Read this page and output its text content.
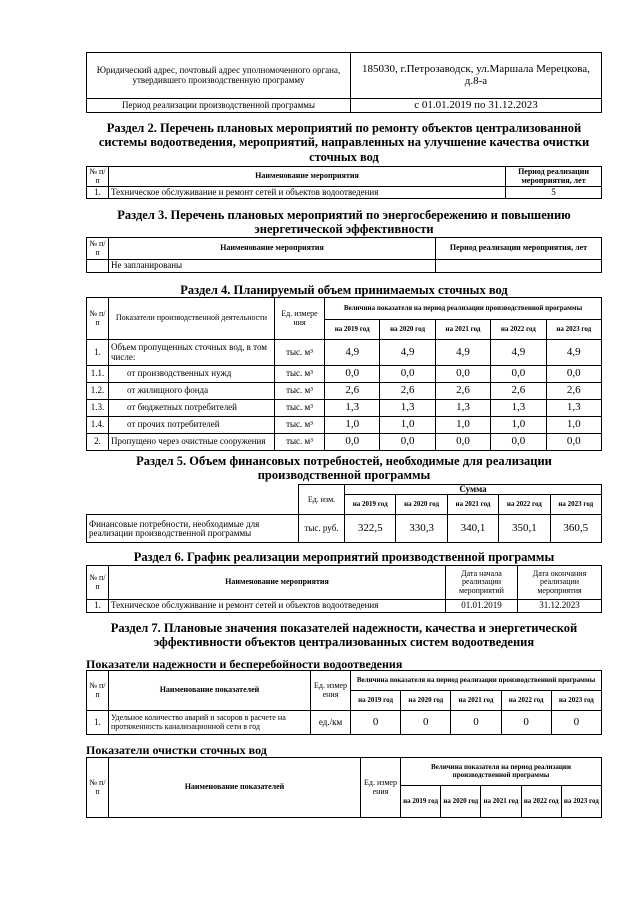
Юридический адрес, почтовый адрес уполномоченного органа, утвердившего производственную программу	185030, г.Петрозаводск, ул.Маршала Мерецкова, д.8-а
Период реализации производственной программы	с 01.01.2019 по 31.12.2023
Раздел 2. Перечень плановых мероприятий по ремонту объектов централизованной системы водоотведения, мероприятий, направленных на улучшение качества очистки сточных вод
№ п/п	Наименование мероприятия	Период реализации мероприятия, лет
1.	Техническое обслуживание и ремонт сетей и объектов водоотведения	5
Раздел 3. Перечень плановых мероприятий по энергосбережению и повышению энергетической эффективности
№ п/п	Наименование мероприятия	Период реализации мероприятия, лет
	Не запланированы	
Раздел 4. Планируемый объем принимаемых сточных вод
№ п/п	Показатели производственной деятельности	Ед. измере ния	Величина показателя на период реализации производственной программы				
			на 2019 год	на 2020 год	на 2021 год	на 2022 год	на 2023 год
1.	Объем пропущенных сточных вод, в том числе:	тыс. м³	4,9	4,9	4,9	4,9	4,9
1.1.	от производственных нужд	тыс. м³	0,0	0,0	0,0	0,0	0,0
1.2.	от жилищного фонда	тыс. м³	2,6	2,6	2,6	2,6	2,6
1.3.	от бюджетных потребителей	тыс. м³	1,3	1,3	1,3	1,3	1,3
1.4.	от прочих потребителей	тыс. м³	1,0	1,0	1,0	1,0	1,0
2.	Пропущено через очистные сооружения	тыс. м³	0,0	0,0	0,0	0,0	0,0
Раздел 5. Объем финансовых потребностей, необходимые для реализации производственной программы
	Ед. изм.	Сумма				
		на 2019 год	на 2020 год	на 2021 год	на 2022 год	на 2023 год
Финансовые потребности, необходимые для реализации производственной программы	тыс. руб.	322,5	330,3	340,1	350,1	360,5
Раздел 6. График реализации мероприятий производственной программы
№ п/п	Наименование мероприятия	Дата начала реализации мероприятий	Дата окончания реализации мероприятия
1.	Техническое обслуживание и ремонт сетей и объектов водоотведения	01.01.2019	31.12.2023
Раздел 7. Плановые значения показателей надежности, качества и энергетической эффективности объектов централизованных систем водоотведения
Показатели надежности и бесперебойности водоотведения
№ п/п	Наименование показателей	Ед. измер ения	Величина показателя на период реализации производственной программы				
			на 2019 год	на 2020 год	на 2021 год	на 2022 год	на 2023 год
1.	Удельное количество аварий и засоров в расчете на протяженность канализационной сети в год	ед./км	0	0	0	0	0
Показатели очистки сточных вод
№ п/п	Наименование показателей	Ед. измер ения	Величина показателя на период реализации производственной программы				
			на 2019 год	на 2020 год	на 2021 год	на 2022 год	на 2023 год
